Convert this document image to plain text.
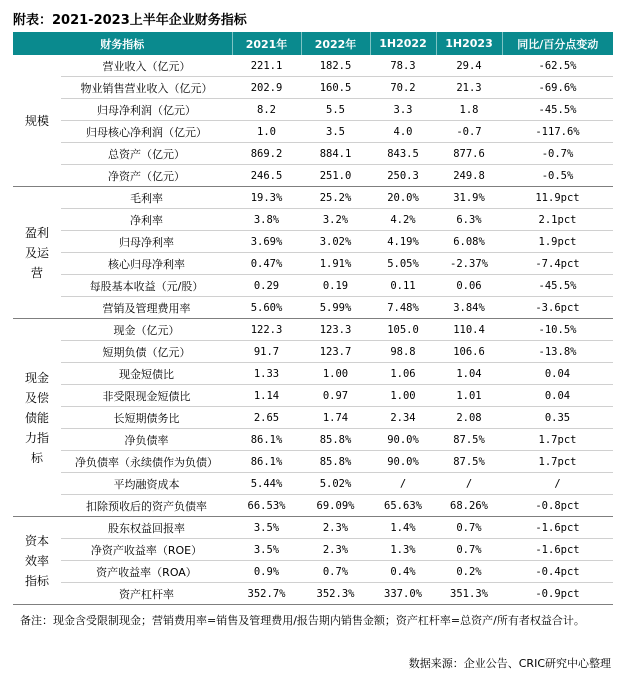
附表：2021-2023上半年企业财务指标
财务指标		2021年	2022年	1H2022	1H2023	同比/百分点变动
规模	营业收入（亿元）	221.1	182.5	78.3	29.4	-62.5%
	物业销售营业收入（亿元）	202.9	160.5	70.2	21.3	-69.6%
	归母净利润（亿元）	8.2	5.5	3.3	1.8	-45.5%
	归母核心净利润（亿元）	1.0	3.5	4.0	-0.7	-117.6%
	总资产（亿元）	869.2	884.1	843.5	877.6	-0.7%
	净资产（亿元）	246.5	251.0	250.3	249.8	-0.5%
盈利
及运
营	毛利率	19.3%	25.2%	20.0%	31.9%	11.9pct
	净利率	3.8%	3.2%	4.2%	6.3%	2.1pct
	归母净利率	3.69%	3.02%	4.19%	6.08%	1.9pct
	核心归母净利率	0.47%	1.91%	5.05%	-2.37%	-7.4pct
	每股基本收益（元/股）	0.29	0.19	0.11	0.06	-45.5%
	营销及管理费用率	5.60%	5.99%	7.48%	3.84%	-3.6pct
现金
及偿
债能
力指
标	现金（亿元）	122.3	123.3	105.0	110.4	-10.5%
	短期负债（亿元）	91.7	123.7	98.8	106.6	-13.8%
	现金短债比	1.33	1.00	1.06	1.04	0.04
	非受限现金短债比	1.14	0.97	1.00	1.01	0.04
	长短期债务比	2.65	1.74	2.34	2.08	0.35
	净负债率	86.1%	85.8%	90.0%	87.5%	1.7pct
	净负债率（永续债作为负债）	86.1%	85.8%	90.0%	87.5%	1.7pct
	平均融资成本	5.44%	5.02%	/	/	/
	扣除预收后的资产负债率	66.53%	69.09%	65.63%	68.26%	-0.8pct
资本
效率
指标	股东权益回报率	3.5%	2.3%	1.4%	0.7%	-1.6pct
	净资产收益率（ROE）	3.5%	2.3%	1.3%	0.7%	-1.6pct
	资产收益率（ROA）	0.9%	0.7%	0.4%	0.2%	-0.4pct
	资产杠杆率	352.7%	352.3%	337.0%	351.3%	-0.9pct
备注：现金含受限制现金；营销费用率=销售及管理费用/报告期内销售金额；资产杠杆率=总资产/所有者权益合计。
数据来源：企业公告、CRIC研究中心整理
